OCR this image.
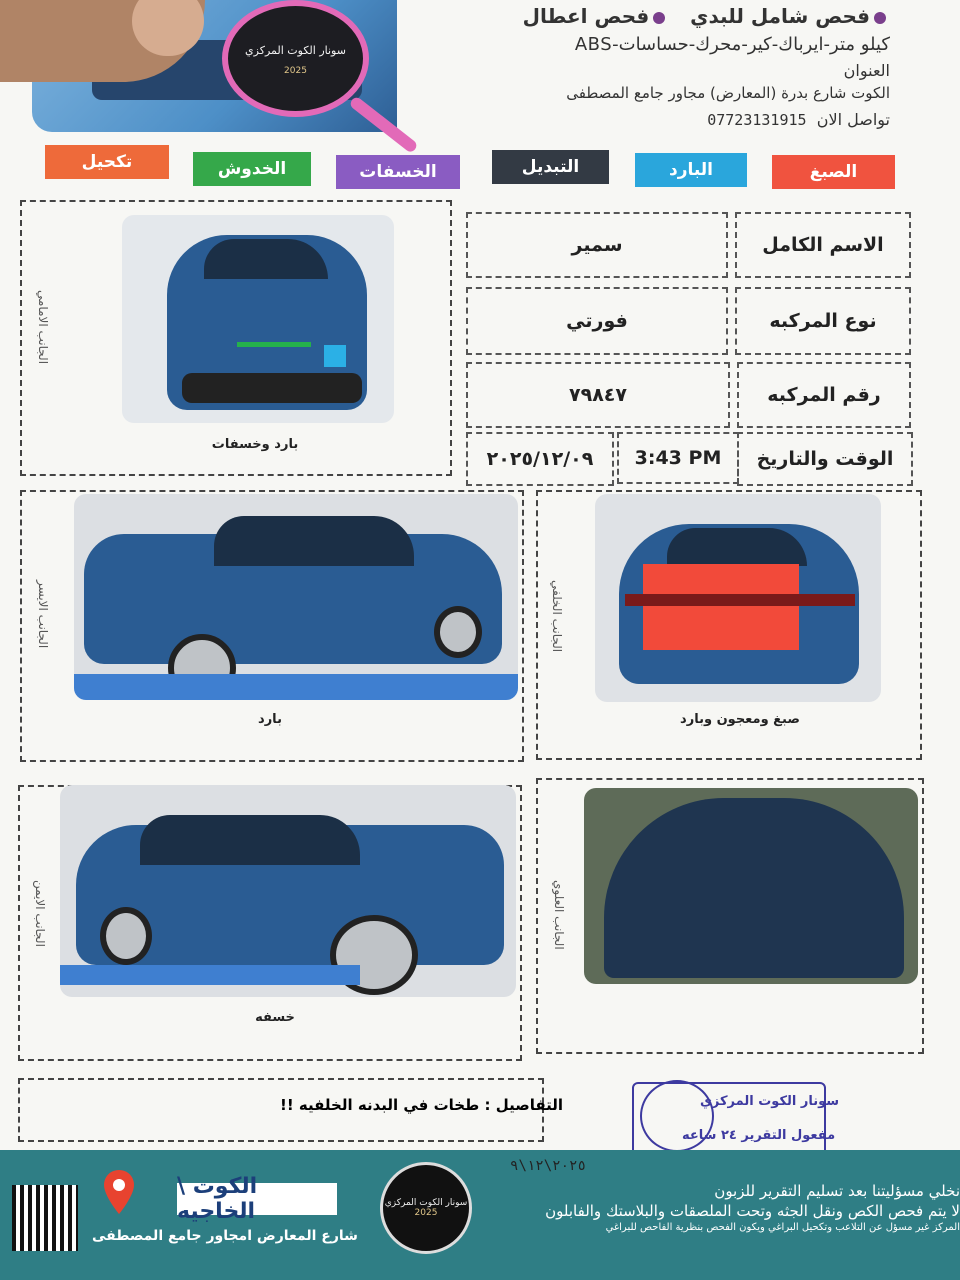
سونار الكوت المركزي
2025
فحص شامل للبدي   فحص اعطال
كيلو متر-ايرباك-كير-محرك-حساسات-ABS
العنوان
الكوت شارع بدرة (المعارض) مجاور جامع المصطفى
تواصل الان  07723131915
الصبغ
البارد
التبديل
الخسفات
الخدوش
تكحيل
الجانب الامامي
بارد وخسفات
الاسم الكامل
سمير
نوع المركبه
فورتي
رقم المركبه
٧٩٨٤٧
الوقت والتاريخ
3:43 PM
٢٠٢٥/١٢/٠٩
الجانب الايسر
بارد
الجانب الخلفي
صبغ ومعجون وبارد
الجانب الايمن
خسفه
الجانب العلوي
التفاصيل : طخات في البدنه الخلفيه !!	سونار الكوت المركزي
مفعول التقرير ٢٤ ساعه
الكوت \ الخاجيه
شارع المعارض امجاور جامع المصطفى
سونار الكوت المركزي
2025
٢٠٢٥\١٢\٩
نخلي مسؤليتنا بعد تسليم التقرير للزبون
لا يتم فحص الكص ونقل الجثه وتحت الملصقات والبلاستك والفابلون
المركز غير مسؤل عن التلاعب وتكحيل البراغي ويكون الفحص بنظرية الفاحص للبراغي
